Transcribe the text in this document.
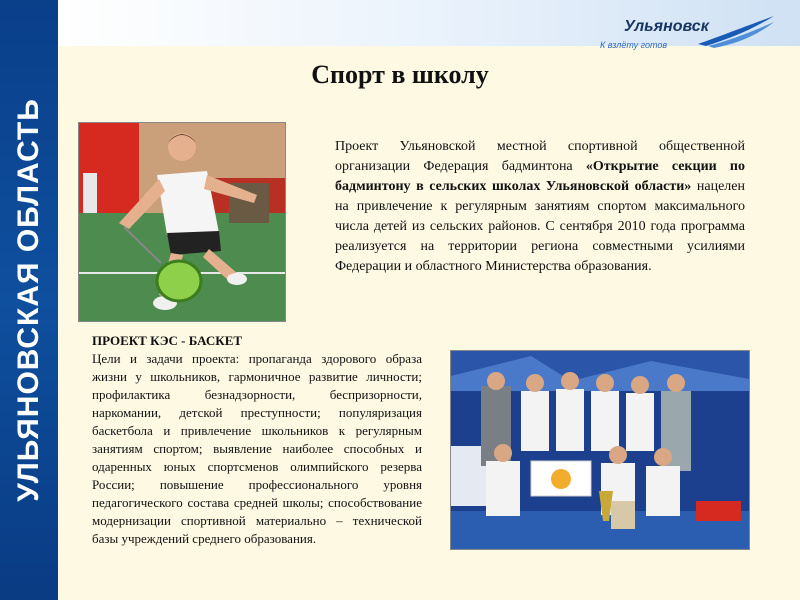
УЛЬЯНОВСКАЯ ОБЛАСТЬ
Ульяновск
К взлёту готов
Спорт в школу
Проект Ульяновской местной спортивной общественной организации Федерация бадминтона «Открытие секции по бадминтону в сельских школах Ульяновской области» нацелен на привлечение к регулярным занятиям спортом максимального числа детей из сельских районов. С сентября 2010 года программа реализуется на территории региона совместными усилиями Федерации и областного Министерства образования.
ПРОЕКТ КЭС - БАСКЕТ
Цели и задачи проекта: пропаганда здорового образа жизни у школьников, гармоничное развитие личности; профилактика безнадзорности, беспризорности, наркомании, детской преступности; популяризация баскетбола и привлечение школьников к регулярным занятиям спортом; выявление наиболее способных и одаренных юных спортсменов олимпийского резерва России; повышение профессионального уровня педагогического состава средней школы; способствование модернизации спортивной материально – технической базы учреждений среднего образования.
